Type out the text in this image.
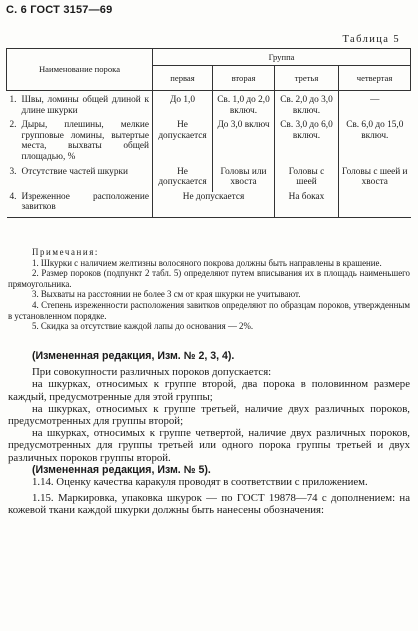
С. 6 ГОСТ 3157—69
Таблица 5
Наименование порока	Группа			
	первая	вторая	третья	четвертая

1. Швы, ломины общей длиной к длине шкурки	До 1,0	Св. 1,0 до 2,0 включ.	Св. 2,0 до 3,0 включ.	—

2. Дыры, плешины, мелкие групповые ломины, вытертые места, выхваты общей площадью, %	Не допускается	До 3,0 включ	Св. 3,0 до 6,0 включ.	Св. 6,0 до 15,0 включ.

3. Отсутствие частей шкурки	Не допускается	Головы или хвоста	Головы с шеей	Головы с шеей и хвоста

4. Изреженное расположение завитков	Не допускается		На боках	

Примечания:

1. Шкурки с наличием желтизны волосяного покрова должны быть направлены в крашение.

2. Размер пороков (подпункт 2 табл. 5) определяют путем вписывания их в площадь наименьшего прямоугольника.

3. Выхваты на расстоянии не более 3 см от края шкурки не учитывают.

4. Степень изреженности расположения завитков определяют по образцам пороков, утвержденным в установленном порядке.

5. Скидка за отсутствие каждой лапы до основания — 2%.

(Измененная редакция, Изм. № 2, 3, 4).

При совокупности различных пороков допускается:

на шкурках, относимых к группе второй, два порока в половинном размере каждый, предусмотренные для этой группы;

на шкурках, относимых к группе третьей, наличие двух различных пороков, предусмотренных для группы второй;

на шкурках, относимых к группе четвертой, наличие двух различных пороков, предусмотренных для группы третьей или одного порока группы третьей и двух различных пороков группы второй.

(Измененная редакция, Изм. № 5).

1.14. Оценку качества каракуля проводят в соответствии с приложением.

1.15. Маркировка, упаковка шкурок — по ГОСТ 19878—74 с дополнением: на кожевой ткани каждой шкурки должны быть нанесены обозначения:
